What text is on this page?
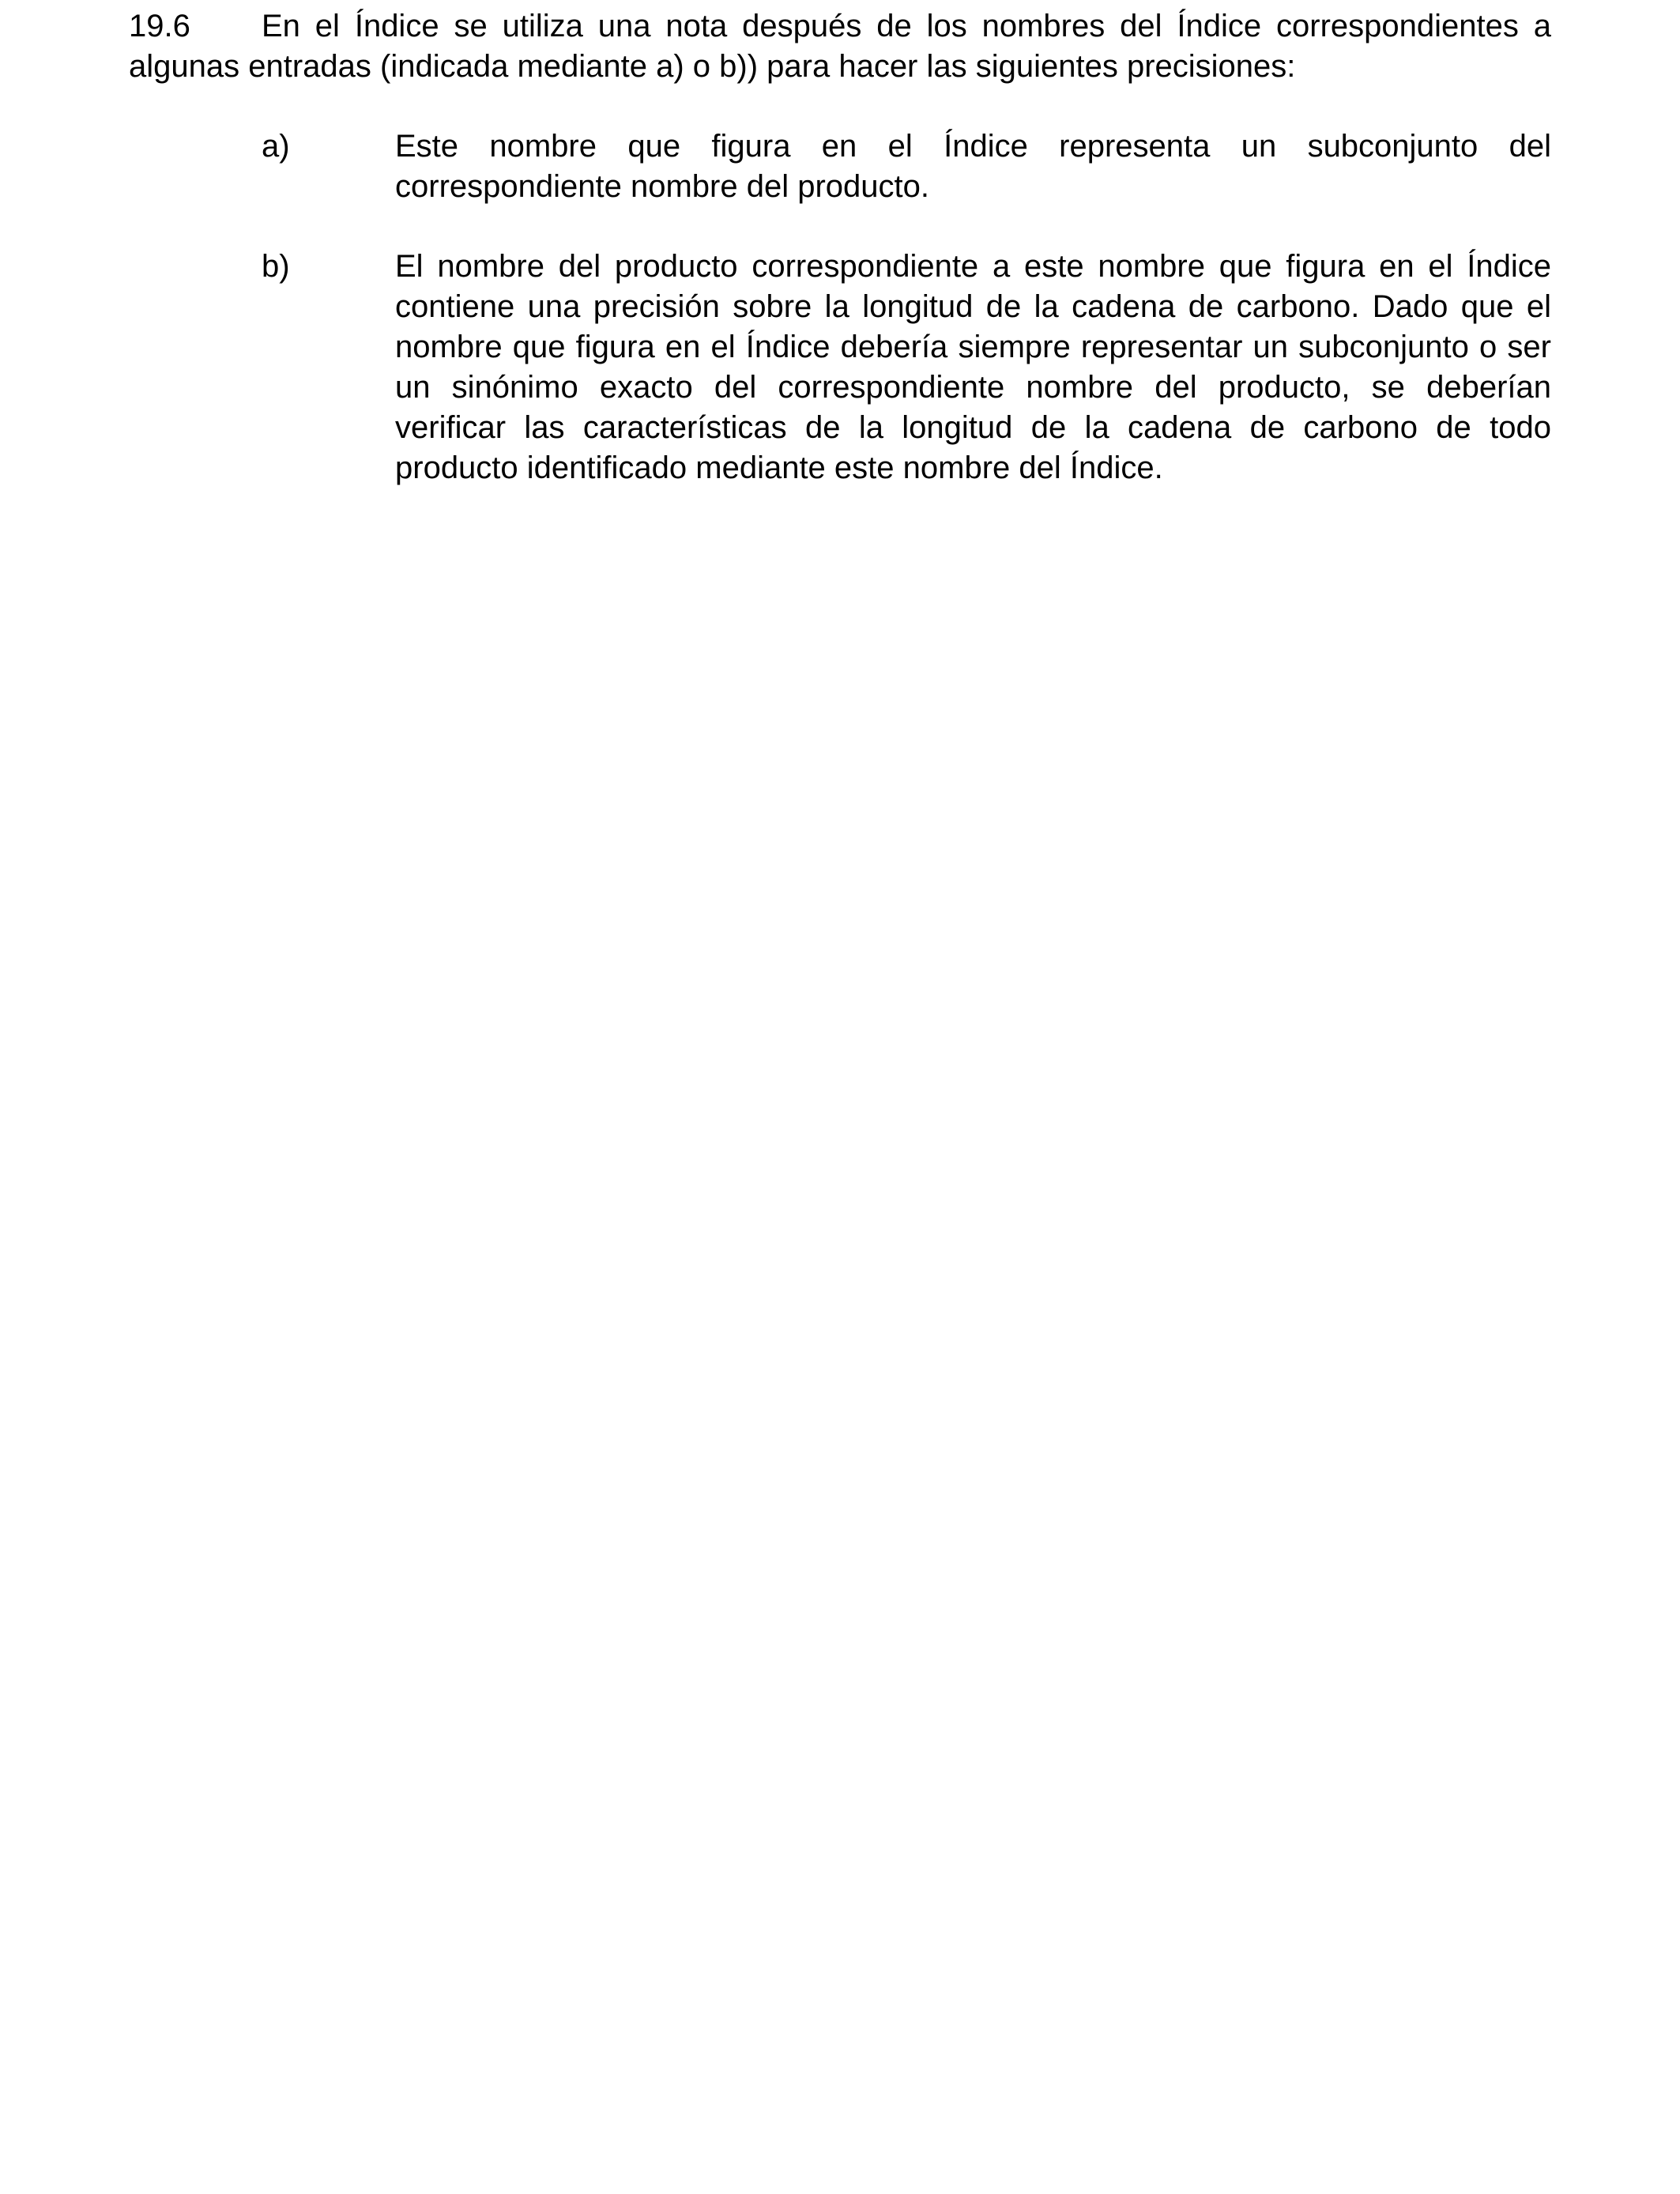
19.6 En el Índice se utiliza una nota después de los nombres del Índice correspondientes a algunas entradas (indicada mediante a) o b)) para hacer las siguientes precisiones:

a)	Este nombre que figura en el Índice representa un subconjunto del correspondiente nombre del producto.
b)	El nombre del producto correspondiente a este nombre que figura en el Índice contiene una precisión sobre la longitud de la cadena de carbono. Dado que el nombre que figura en el Índice debería siempre representar un subconjunto o ser un sinónimo exacto del correspondiente nombre del producto, se deberían verificar las características de la longitud de la cadena de carbono de todo producto identificado mediante este nombre del Índice.
